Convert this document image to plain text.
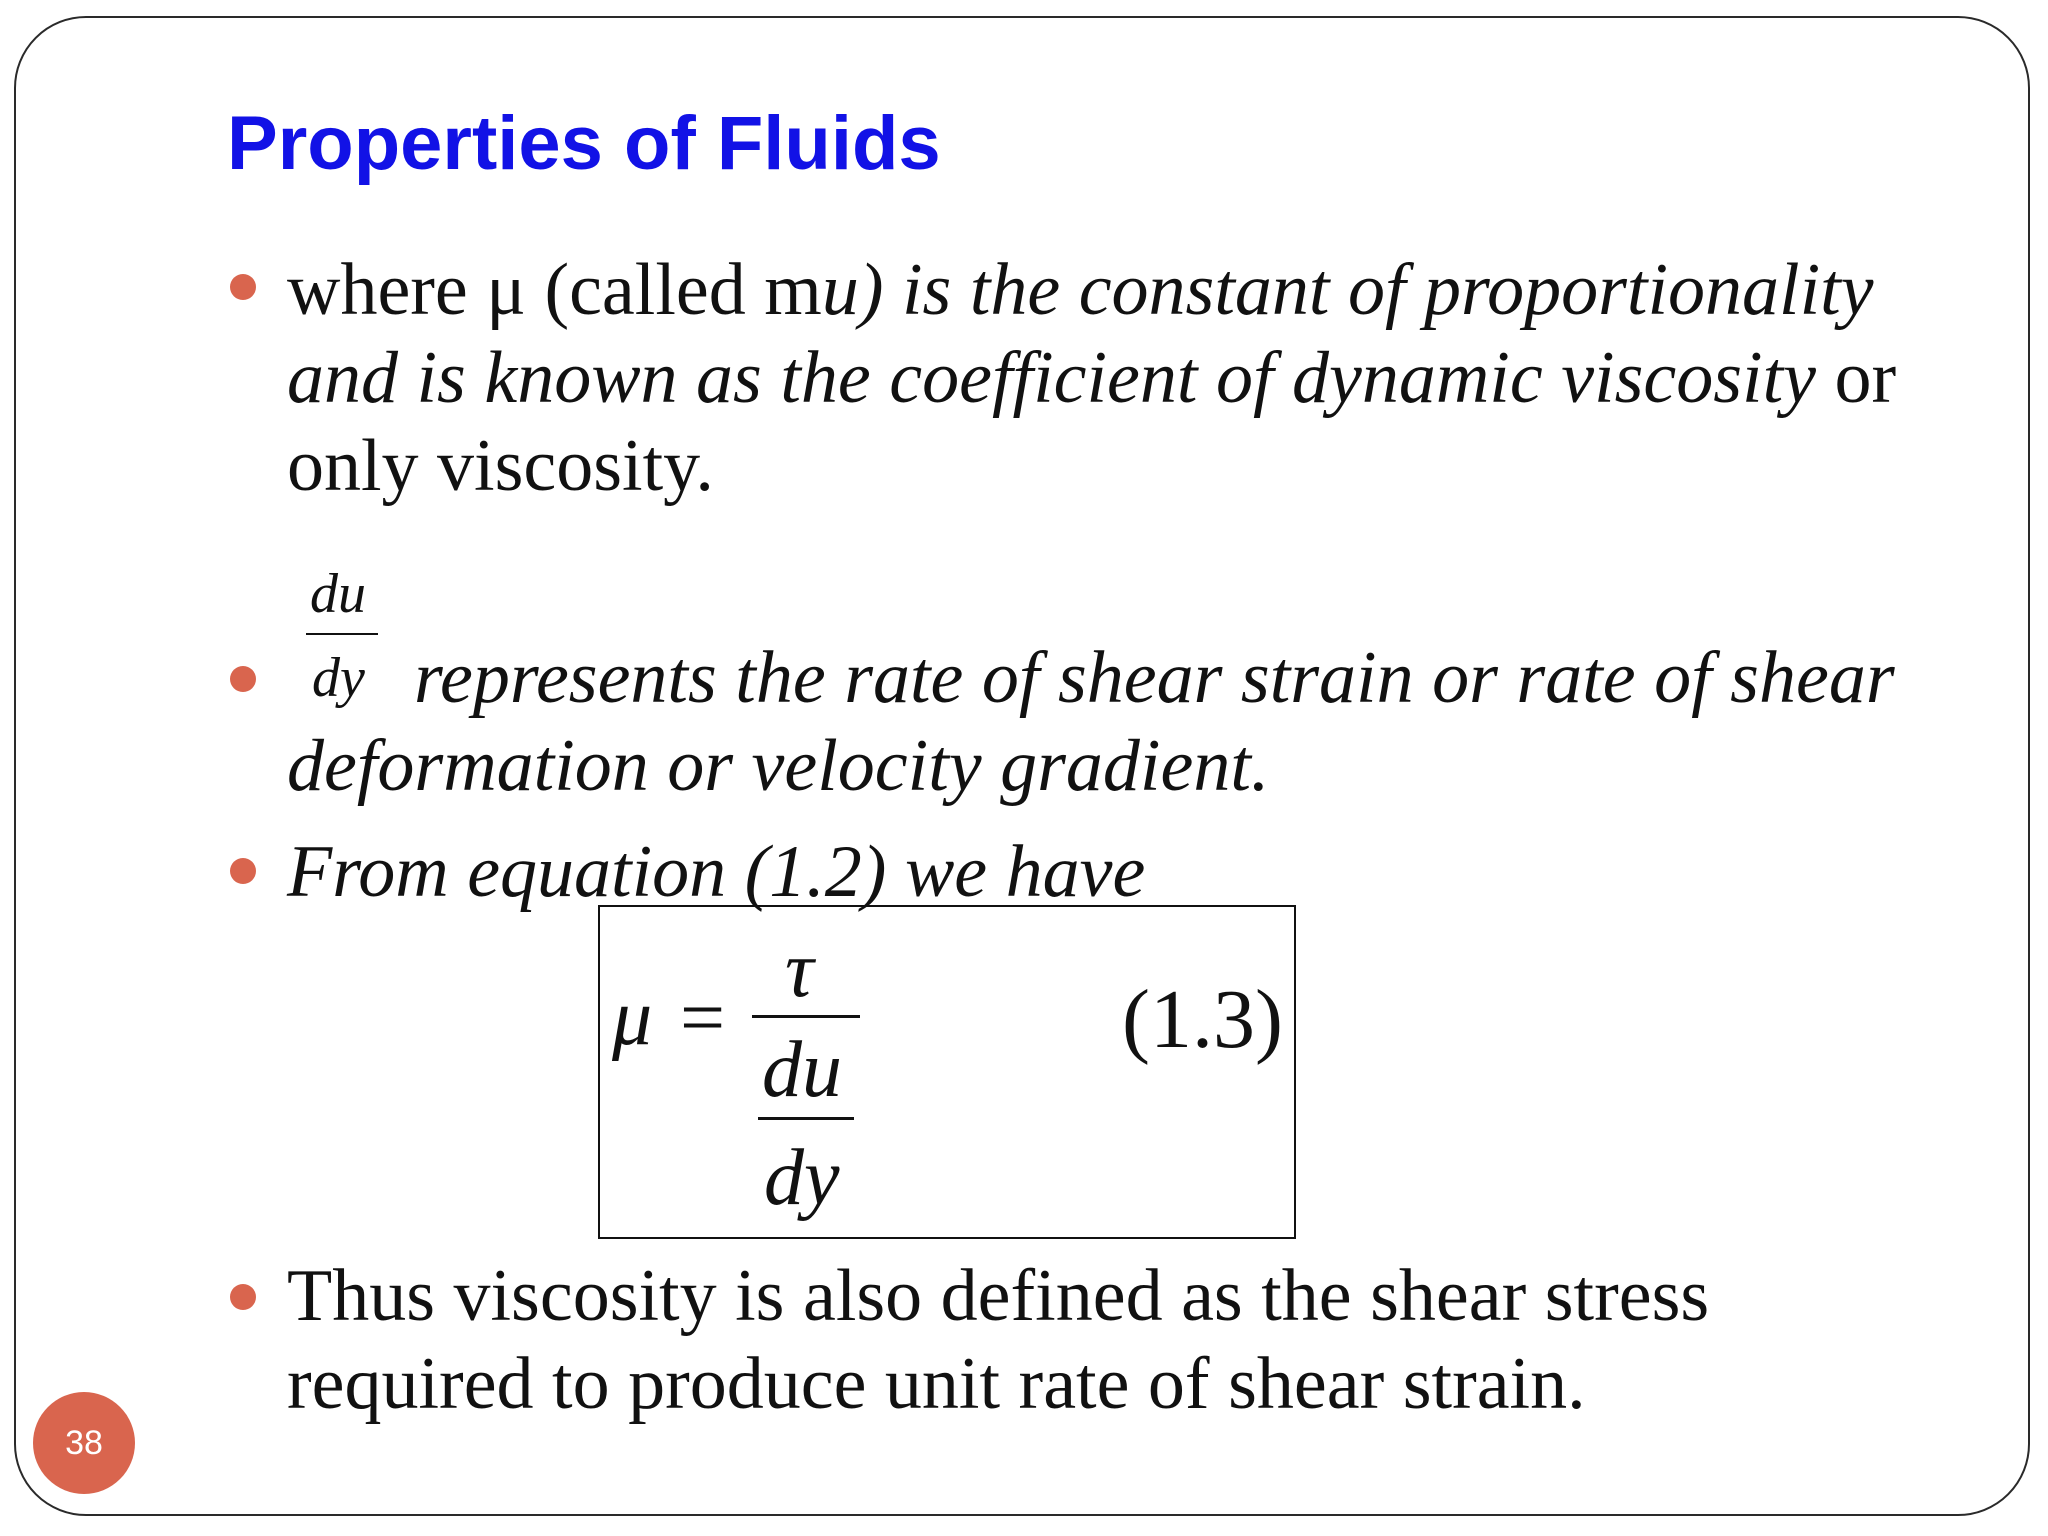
Properties of Fluids
where μ (called mu) is the constant of proportionality
and is known as the coefficient of dynamic viscosity or
only viscosity.
du
dy represents the rate of shear strain or rate of shear
deformation or velocity gradient.
From equation (1.2) we have
μ =
τ
du
dy
(1.3)
Thus viscosity is also defined as the shear stress
required to produce unit rate of shear strain.
38
